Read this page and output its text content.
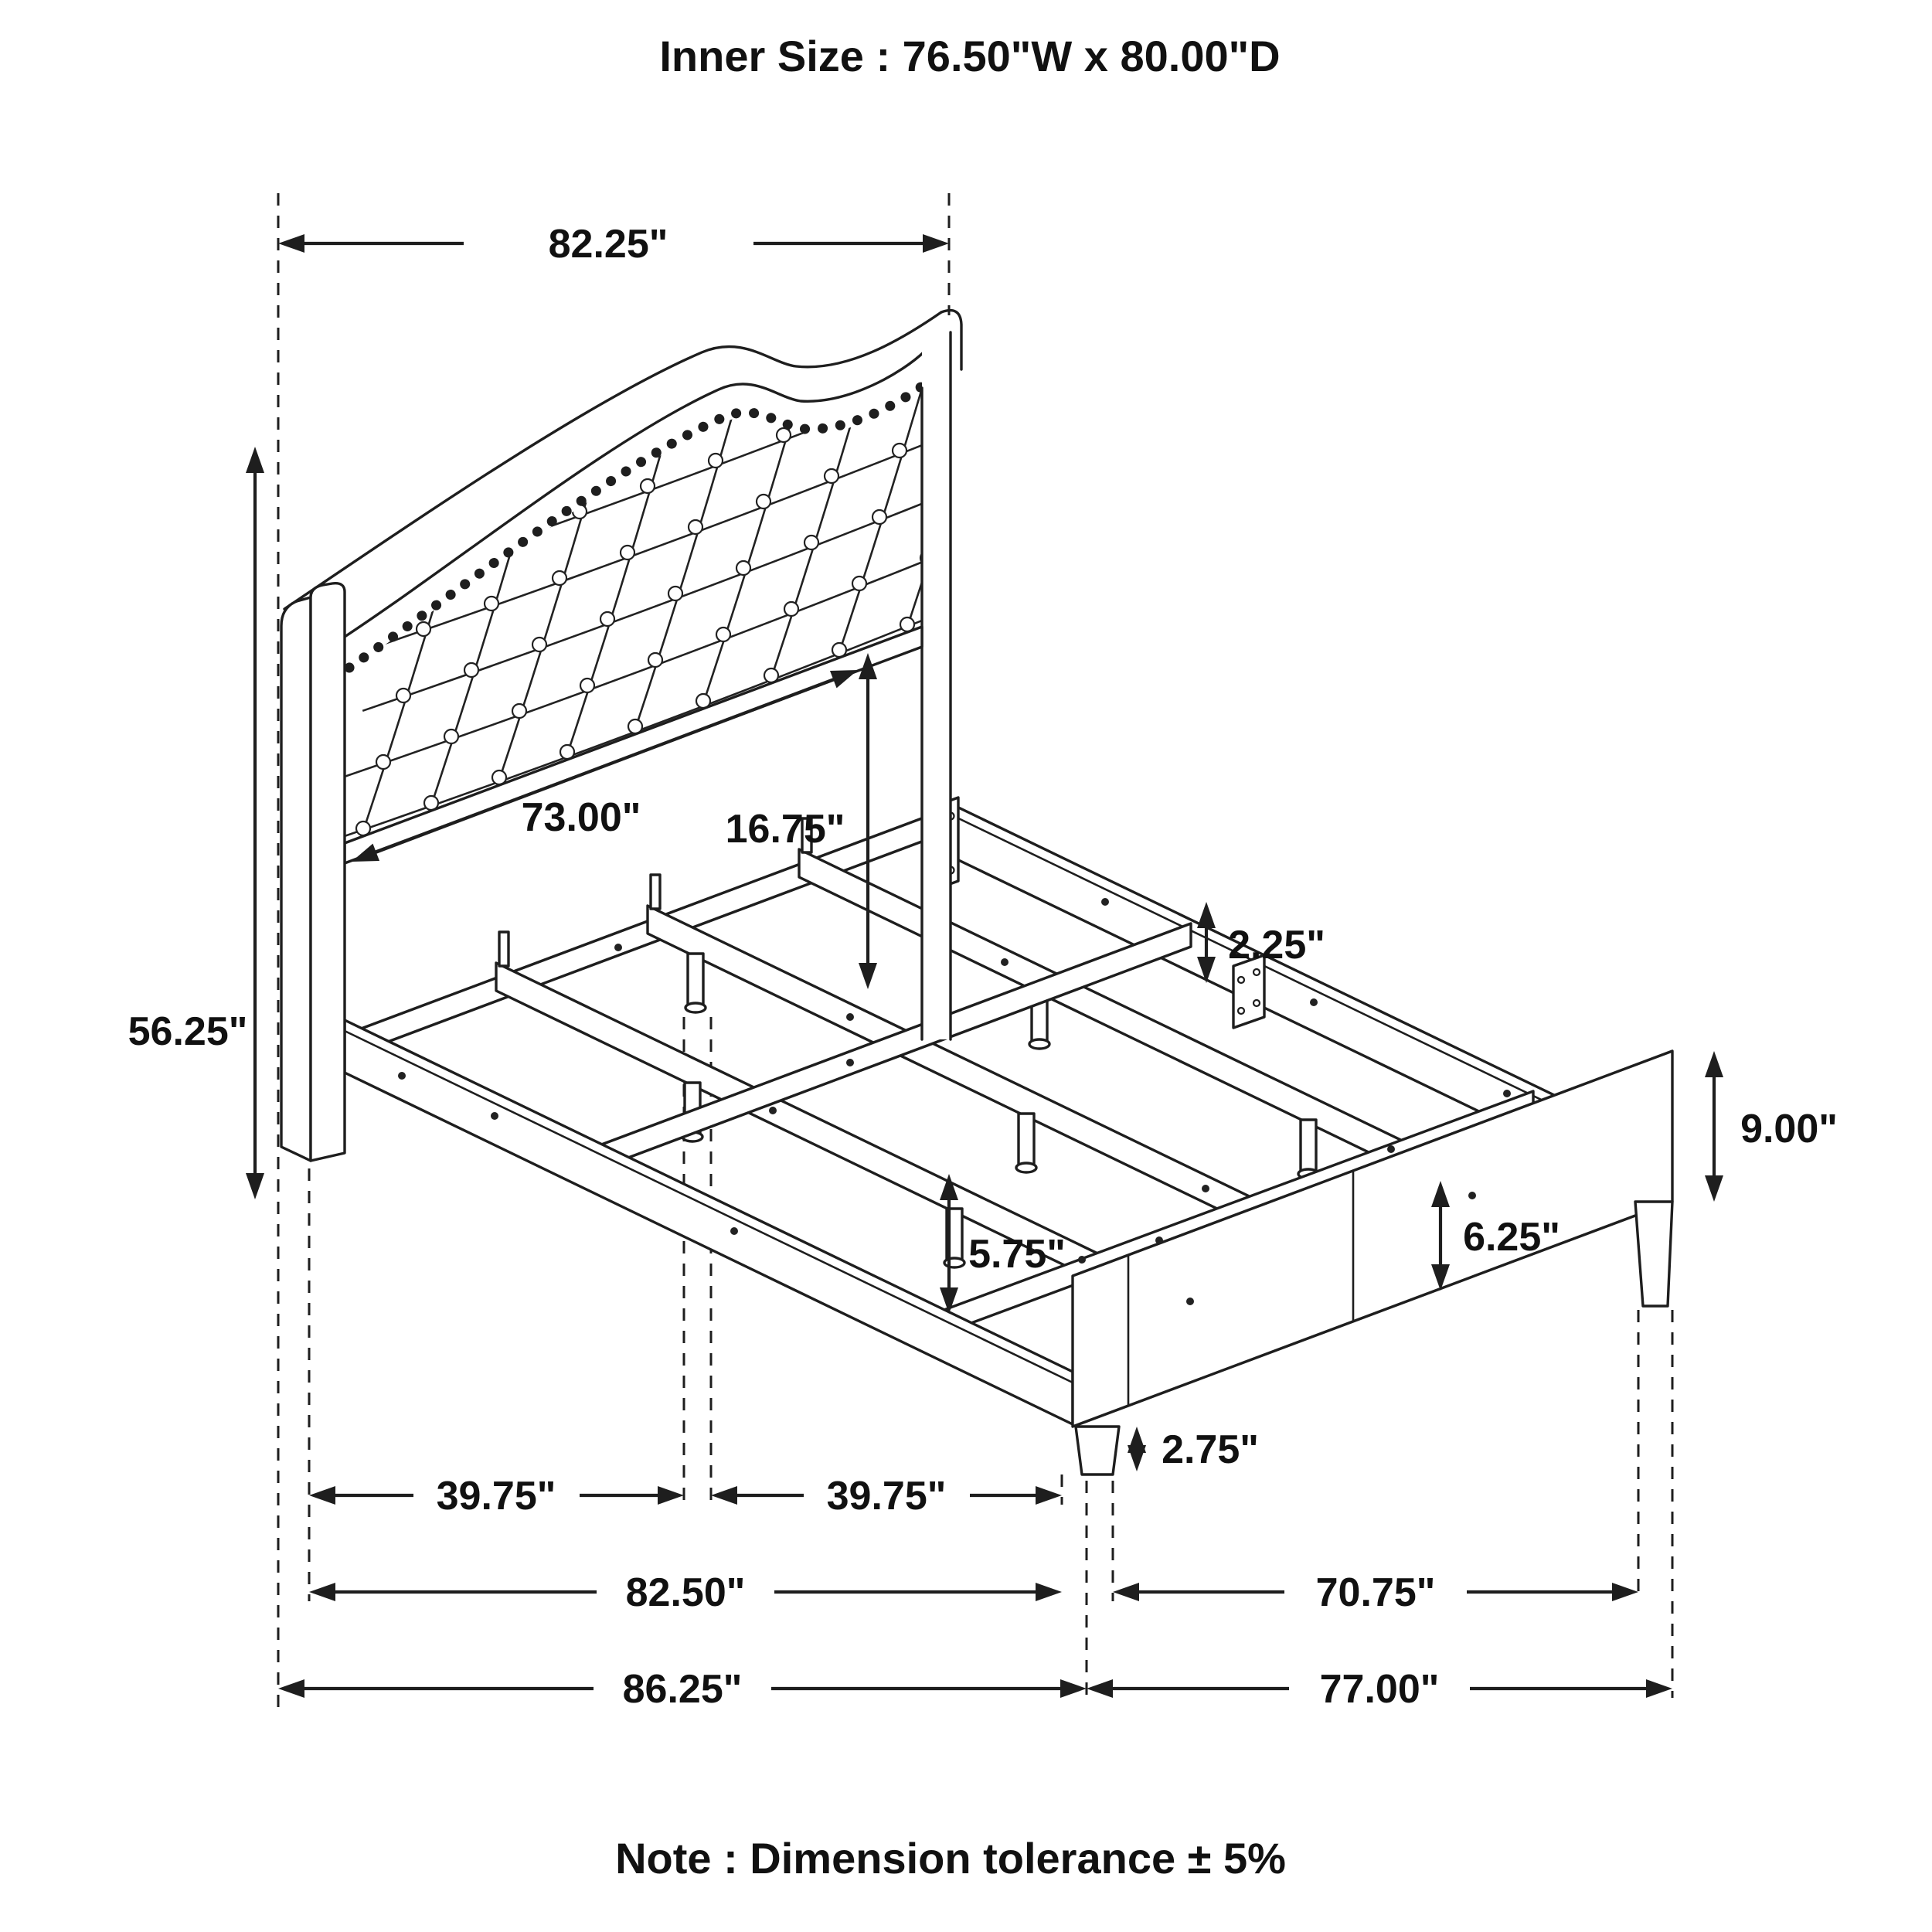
Inner Size : 76.50"W x 80.00"D
82.25"
56.25"
73.00" 16.75"
2.25"
9.00"
5.75"	6.25"
2.75"
39.75"	39.75"
82.50"	70.75"
86.25"	77.00"
Note : Dimension tolerance ± 5%
